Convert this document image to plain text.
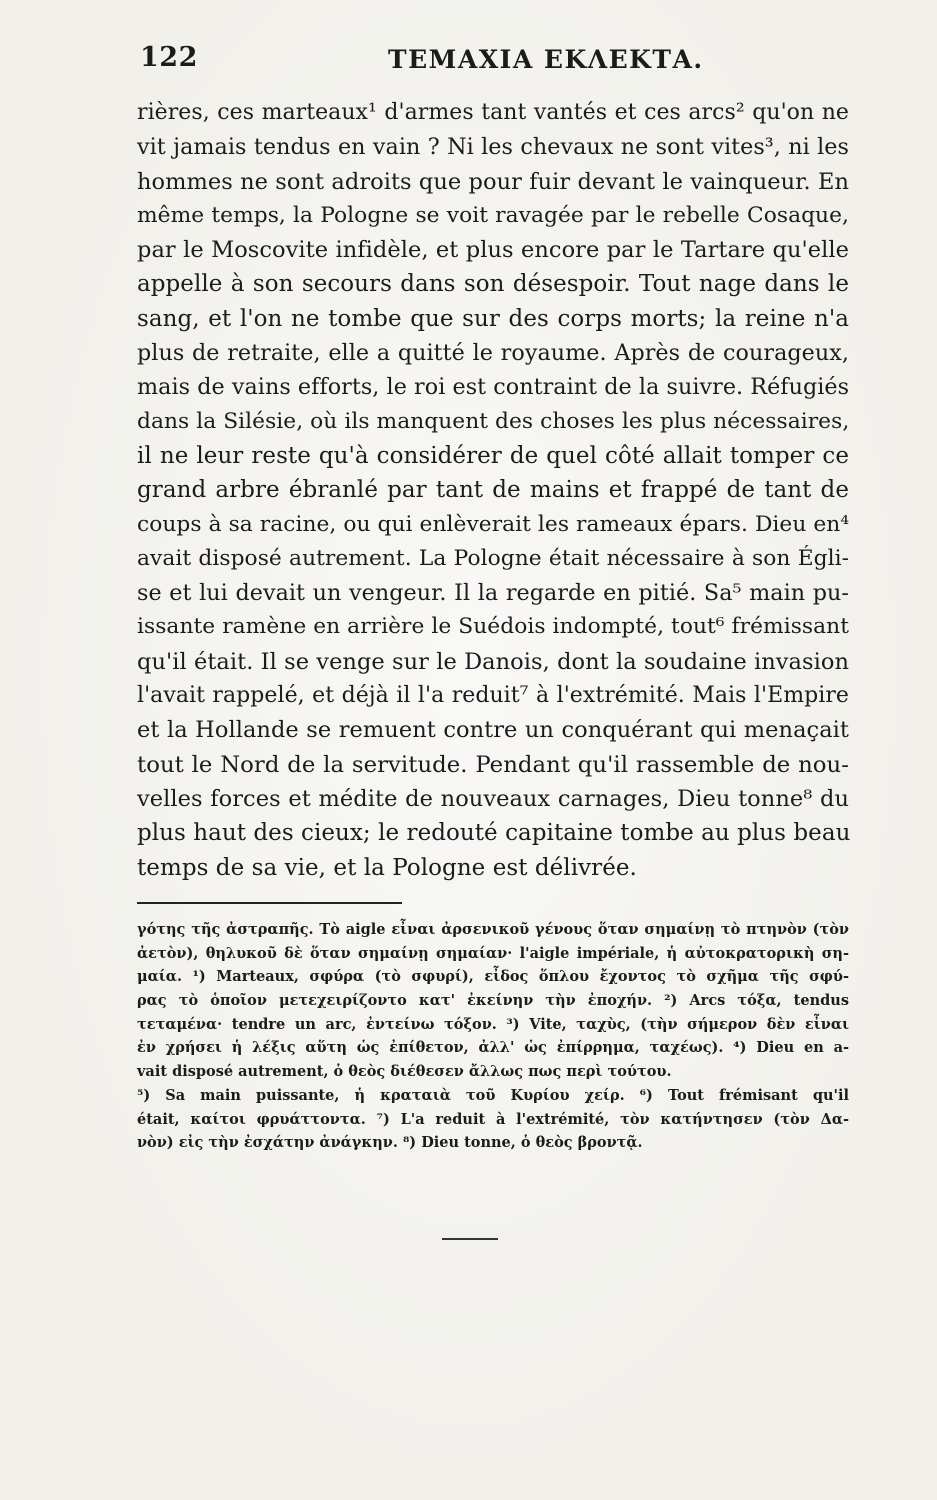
122	ΤΕΜΑΧΙΑ ΕΚΛΕΚΤΑ.
rières, ces marteaux¹ d'armes tant vantés et ces arcs² qu'on ne
vit jamais tendus en vain ? Ni les chevaux ne sont vites³, ni les
hommes ne sont adroits que pour fuir devant le vainqueur. En
même temps, la Pologne se voit ravagée par le rebelle Cosaque,
par le Moscovite infidèle, et plus encore par le Tartare qu'elle
appelle à son secours dans son désespoir. Tout nage dans le
sang, et l'on ne tombe que sur des corps morts; la reine n'a
plus de retraite, elle a quitté le royaume. Après de courageux,
mais de vains efforts, le roi est contraint de la suivre. Réfugiés
dans la Silésie, où ils manquent des choses les plus nécessaires,
il ne leur reste qu'à considérer de quel côté allait tomper ce
grand arbre ébranlé par tant de mains et frappé de tant de
coups à sa racine, ou qui enlèverait les rameaux épars. Dieu en⁴
avait disposé autrement. La Pologne était nécessaire à son Égli-
se et lui devait un vengeur. Il la regarde en pitié. Sa⁵ main pu-
issante ramène en arrière le Suédois indompté, tout⁶ frémissant
qu'il était. Il se venge sur le Danois, dont la soudaine invasion
l'avait rappelé, et déjà il l'a reduit⁷ à l'extrémité. Mais l'Empire
et la Hollande se remuent contre un conquérant qui menaçait
tout le Nord de la servitude. Pendant qu'il rassemble de nou-
velles forces et médite de nouveaux carnages, Dieu tonne⁸ du
plus haut des cieux; le redouté capitaine tombe au plus beau
temps de sa vie, et la Pologne est délivrée.
γότης τῆς ἀστραπῆς. Τὸ aigle εἶναι ἀρσενικοῦ γένους ὅταν σημαίνῃ τὸ πτηνὸν (τὸν
ἀετὸν), θηλυκοῦ δὲ ὅταν σημαίνῃ σημαίαν· l'aigle impériale, ἡ αὐτοκρατορικὴ ση-
μαία. ¹) Marteaux, σφύρα (τὸ σφυρί), εἶδος ὅπλου ἔχοντος τὸ σχῆμα τῆς σφύ-
ρας τὸ ὁποῖον μετεχειρίζοντο κατ' ἐκείνην τὴν ἐποχήν. ²) Arcs τόξα, tendus
τεταμένα· tendre un arc, ἐντείνω τόξον. ³) Vite, ταχὺς, (τὴν σήμερον δὲν εἶναι
ἐν χρήσει ἡ λέξις αὕτη ὡς ἐπίθετον, ἀλλ' ὡς ἐπίρρημα, ταχέως). ⁴) Dieu en a-
vait disposé autrement, ὁ θεὸς διέθεσεν ἄλλως πως περὶ τούτου.
⁵) Sa main puissante, ἡ κραταιὰ τοῦ Κυρίου χείρ. ⁶) Tout frémisant qu'il
était, καίτοι φρυάττοντα. ⁷) L'a reduit à l'extrémité, τὸν κατήντησεν (τὸν Δα-
νὸν) εἰς τὴν ἐσχάτην ἀνάγκην. ⁸) Dieu tonne, ὁ θεὸς βροντᾷ.
